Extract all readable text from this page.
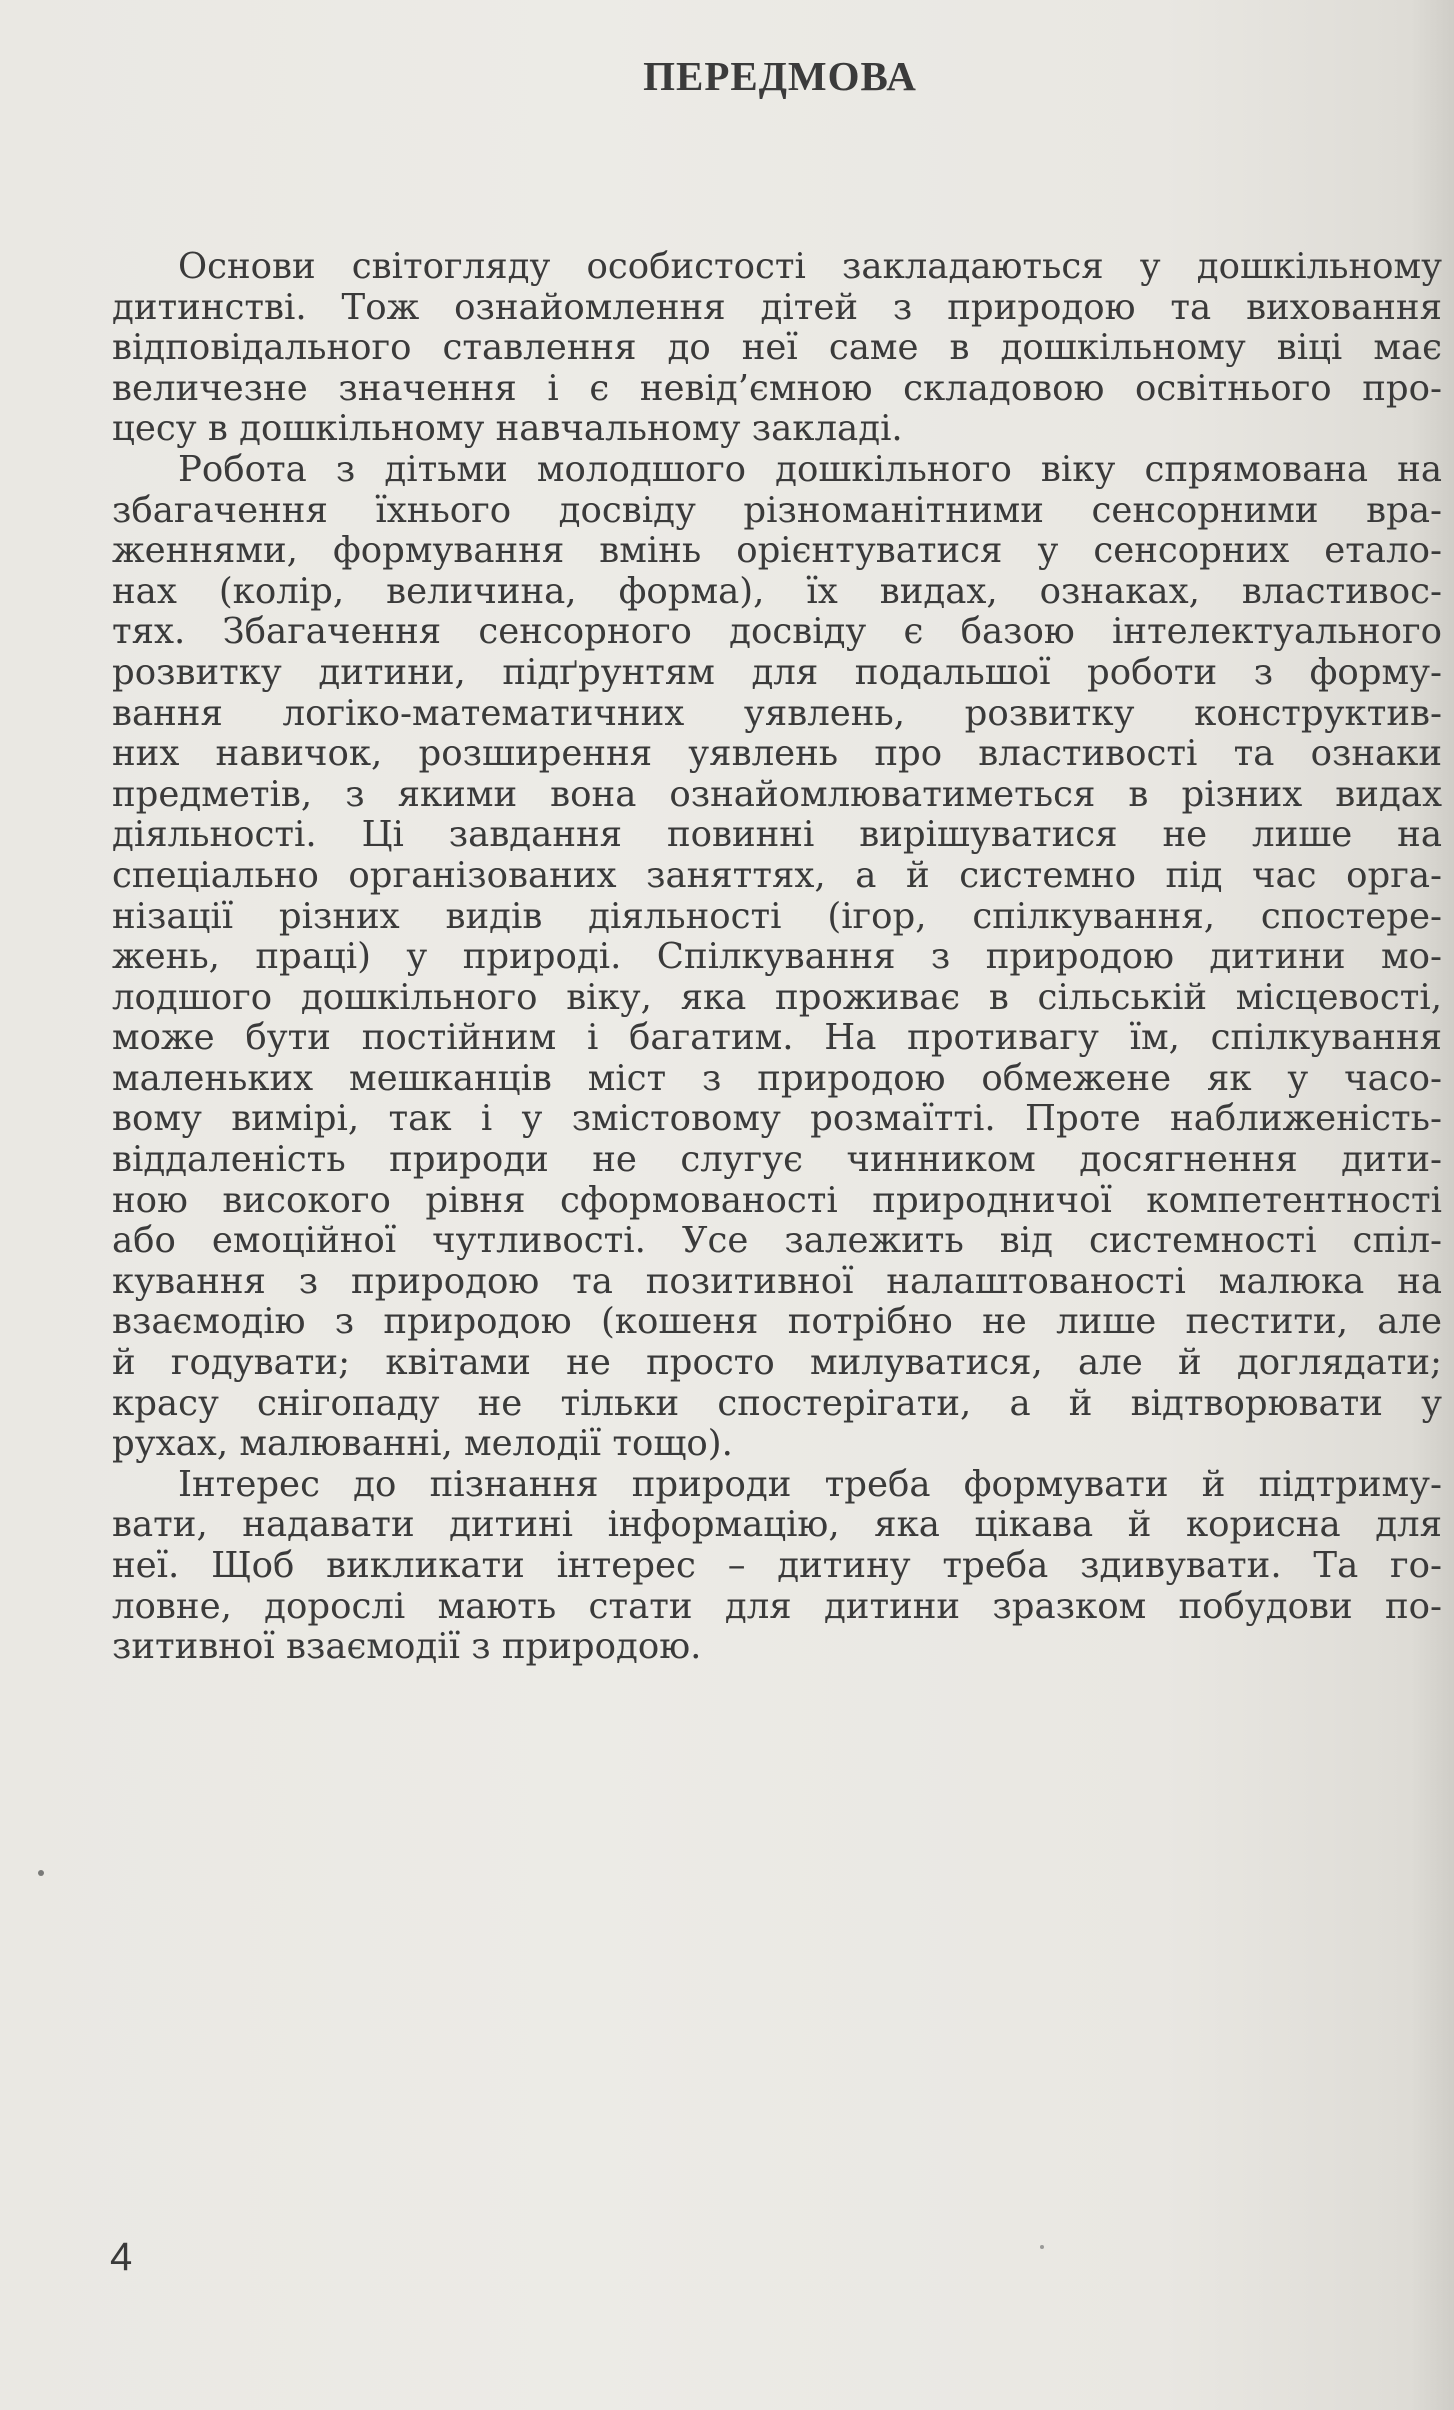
ПЕРЕДМОВА
Основи світогляду особистості закладаються у дошкільному
дитинстві. Тож ознайомлення дітей з природою та виховання
відповідального ставлення до неї саме в дошкільному віці має
величезне значення і є невід’ємною складовою освітнього про-
цесу в дошкільному навчальному закладі.
Робота з дітьми молодшого дошкільного віку спрямована на
збагачення їхнього досвіду різноманітними сенсорними вра-
женнями, формування вмінь орієнтуватися у сенсорних етало-
нах (колір, величина, форма), їх видах, ознаках, властивос-
тях. Збагачення сенсорного досвіду є базою інтелектуального
розвитку дитини, підґрунтям для подальшої роботи з форму-
вання логіко-математичних уявлень, розвитку конструктив-
них навичок, розширення уявлень про властивості та ознаки
предметів, з якими вона ознайомлюватиметься в різних видах
діяльності. Ці завдання повинні вирішуватися не лише на
спеціально організованих заняттях, а й системно під час орга-
нізації різних видів діяльності (ігор, спілкування, спостере-
жень, праці) у природі. Спілкування з природою дитини мо-
лодшого дошкільного віку, яка проживає в сільській місцевості,
може бути постійним і багатим. На противагу їм, спілкування
маленьких мешканців міст з природою обмежене як у часо-
вому вимірі, так і у змістовому розмаїтті. Проте наближеність-
віддаленість природи не слугує чинником досягнення дити-
ною високого рівня сформованості природничої компетентності
або емоційної чутливості. Усе залежить від системності спіл-
кування з природою та позитивної налаштованості малюка на
взаємодію з природою (кошеня потрібно не лише пестити, але
й годувати; квітами не просто милуватися, але й доглядати;
красу снігопаду не тільки спостерігати, а й відтворювати у
рухах, малюванні, мелодії тощо).
Інтерес до пізнання природи треба формувати й підтриму-
вати, надавати дитині інформацію, яка цікава й корисна для
неї. Щоб викликати інтерес – дитину треба здивувати. Та го-
ловне, дорослі мають стати для дитини зразком побудови по-
зитивної взаємодії з природою.

4
